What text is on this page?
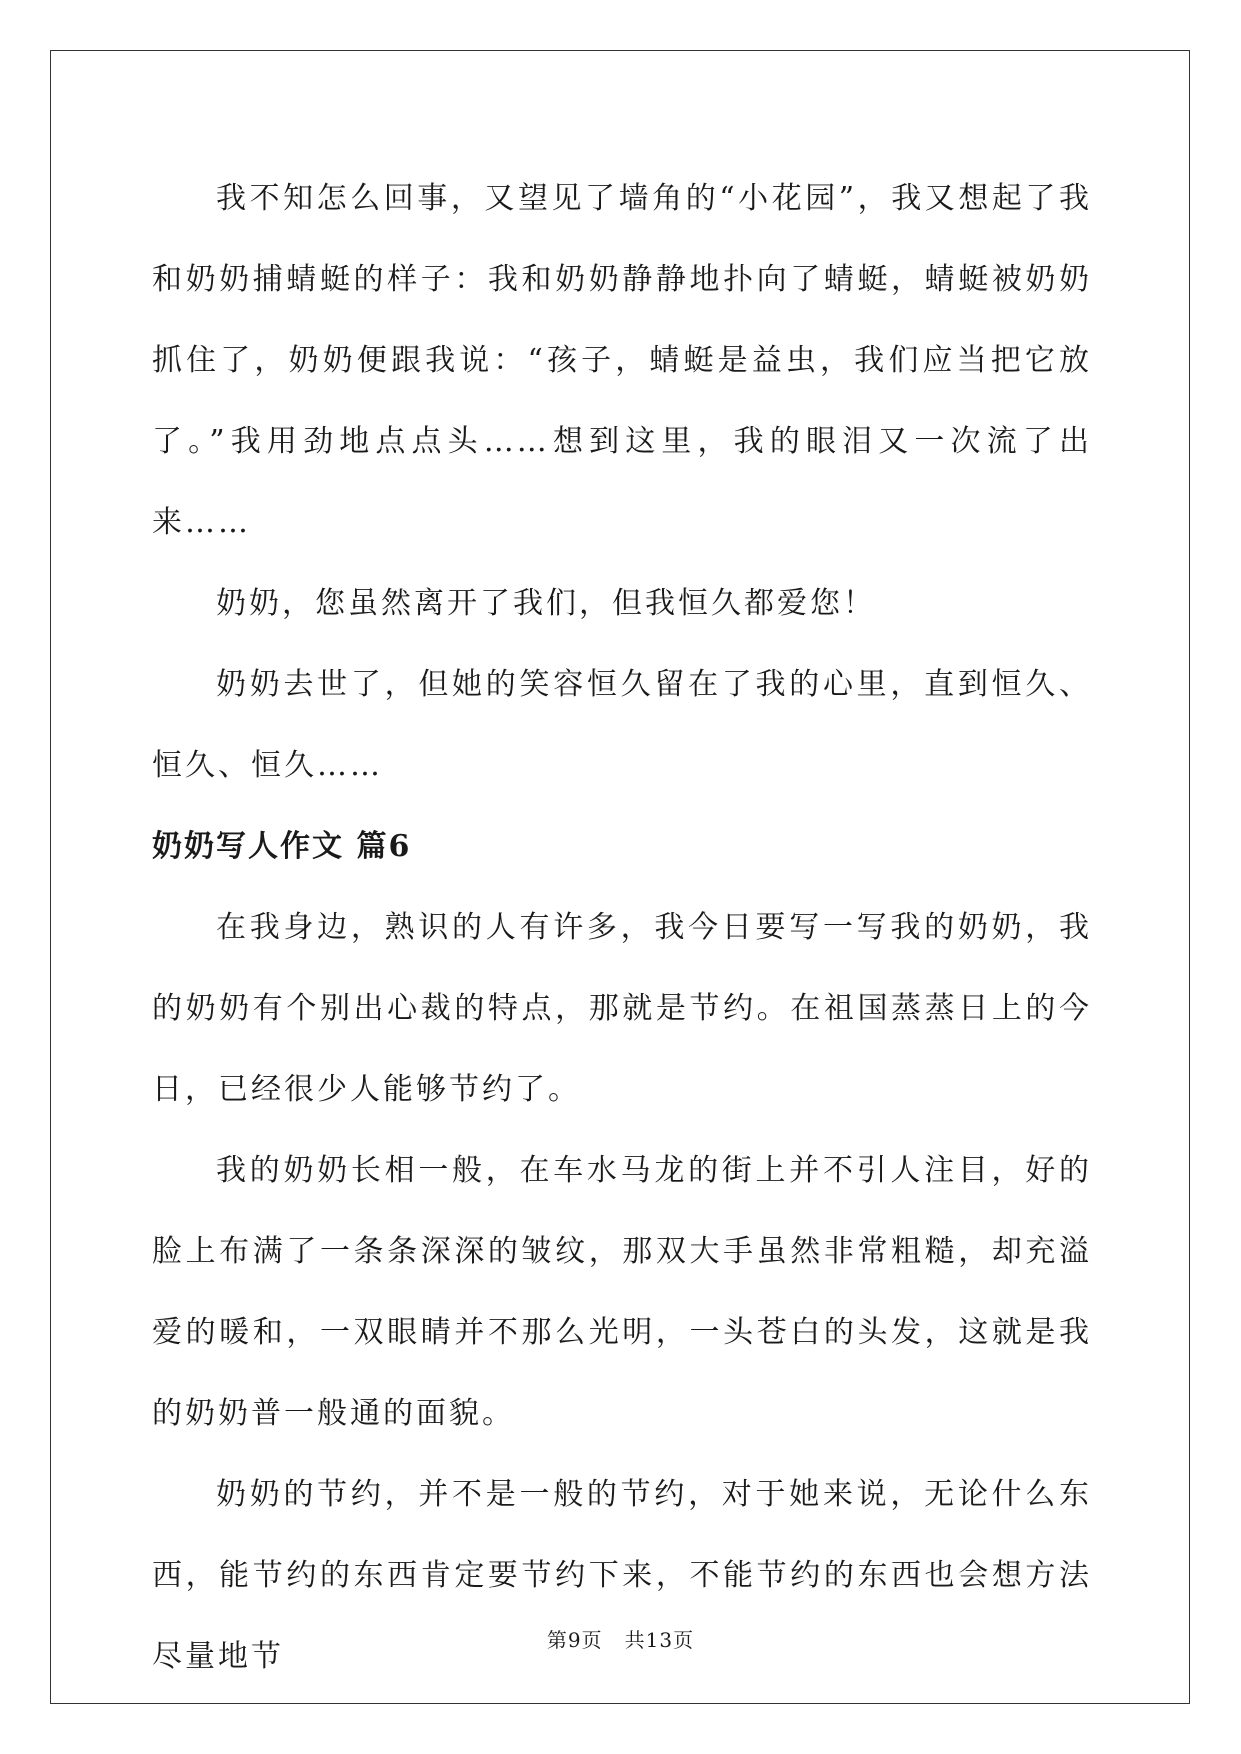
我不知怎么回事，又望见了墙角的“小花园”，我又想起了我和奶奶捕蜻蜓的样子：我和奶奶静静地扑向了蜻蜓，蜻蜓被奶奶抓住了，奶奶便跟我说：“孩子，蜻蜓是益虫，我们应当把它放了。”我用劲地点点头……想到这里，我的眼泪又一次流了出来……

奶奶，您虽然离开了我们，但我恒久都爱您！

奶奶去世了，但她的笑容恒久留在了我的心里，直到恒久、恒久、恒久……

奶奶写人作文 篇6

在我身边，熟识的人有许多，我今日要写一写我的奶奶，我的奶奶有个别出心裁的特点，那就是节约。在祖国蒸蒸日上的今日，已经很少人能够节约了。

我的奶奶长相一般，在车水马龙的街上并不引人注目，好的脸上布满了一条条深深的皱纹，那双大手虽然非常粗糙，却充溢爱的暖和，一双眼睛并不那么光明，一头苍白的头发，这就是我的奶奶普一般通的面貌。

奶奶的节约，并不是一般的节约，对于她来说，无论什么东西，能节约的东西肯定要节约下来，不能节约的东西也会想方法尽量地节	第9页 共13页
